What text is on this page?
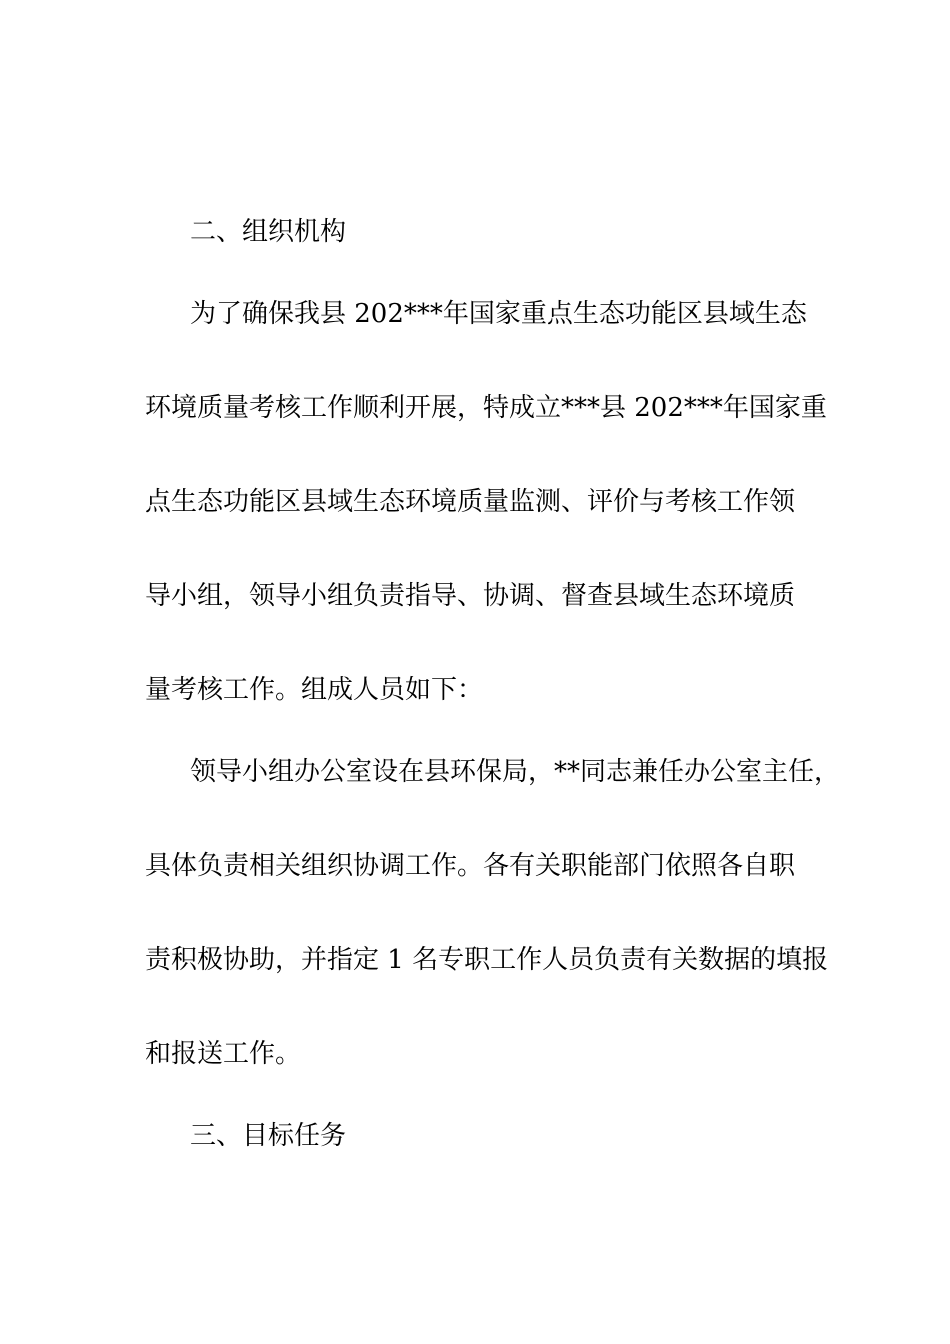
二、组织机构
为了确保我县 202***年国家重点生态功能区县域生态
环境质量考核工作顺利开展，特成立***县 202***年国家重
点生态功能区县域生态环境质量监测、评价与考核工作领
导小组，领导小组负责指导、协调、督查县域生态环境质
量考核工作。组成人员如下：
领导小组办公室设在县环保局，**同志兼任办公室主任，
具体负责相关组织协调工作。各有关职能部门依照各自职
责积极协助，并指定 1 名专职工作人员负责有关数据的填报
和报送工作。
三、目标任务
